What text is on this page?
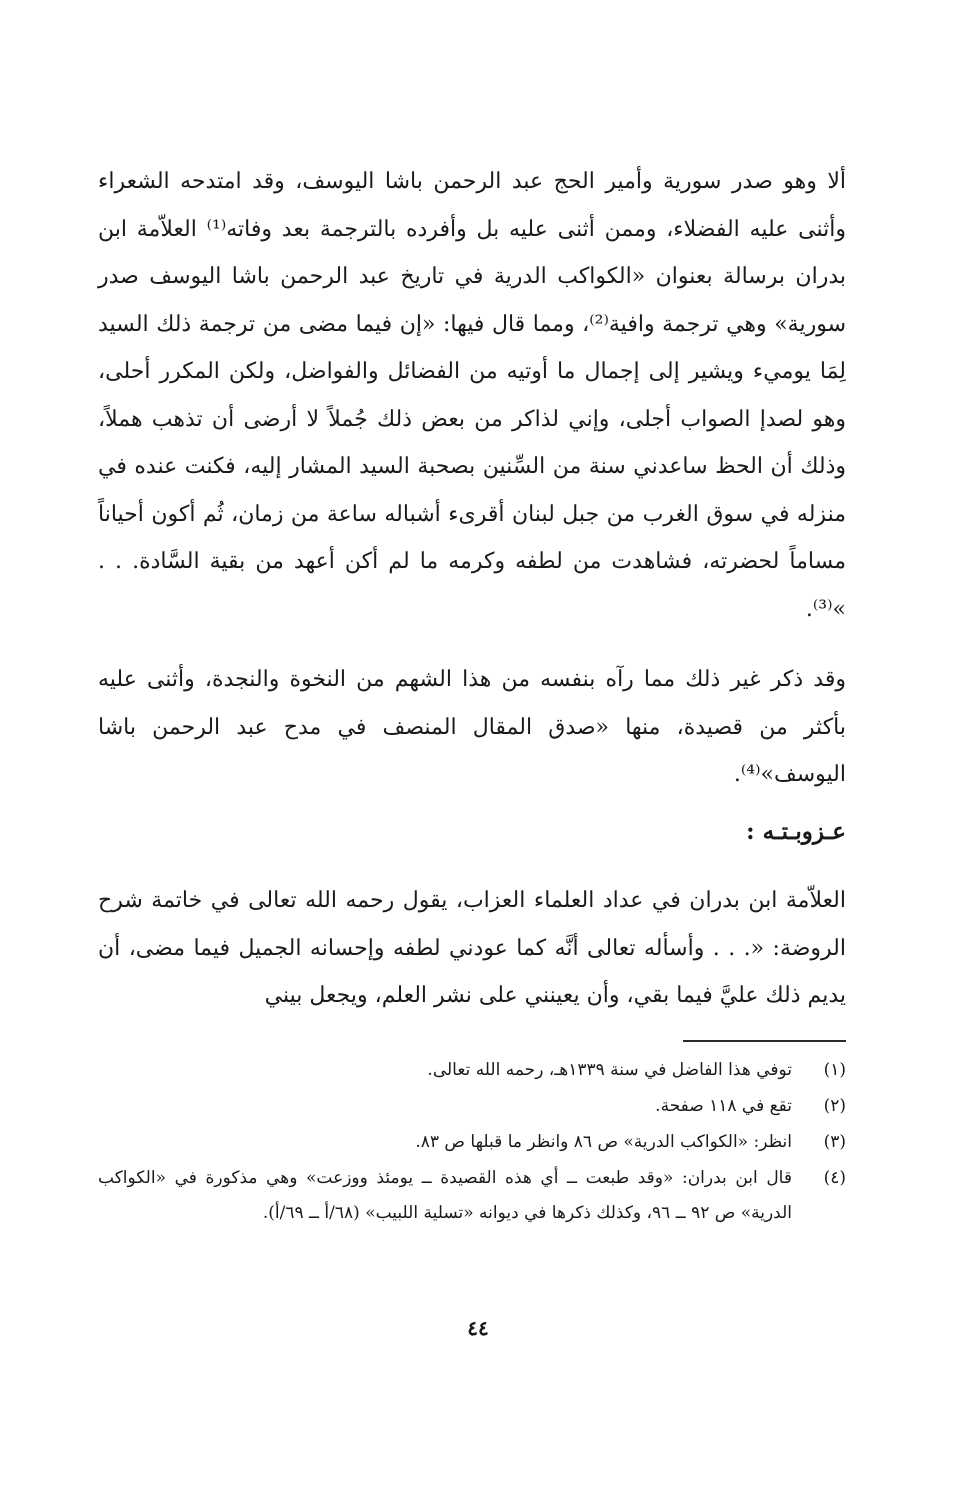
ألا وهو صدر سورية وأمير الحج عبد الرحمن باشا اليوسف، وقد امتدحه الشعراء وأثنى عليه الفضلاء، وممن أثنى عليه بل وأفرده بالترجمة بعد وفاته⁽¹⁾ العلاّمة ابن بدران برسالة بعنوان «الكواكب الدرية في تاريخ عبد الرحمن باشا اليوسف صدر سورية» وهي ترجمة وافية⁽²⁾، ومما قال فيها: «إن فيما مضى من ترجمة ذلك السيد لِمَا يوميء ويشير إلى إجمال ما أوتيه من الفضائل والفواضل، ولكن المكرر أحلى، وهو لصدإ الصواب أجلى، وإني لذاكر من بعض ذلك جُملاً لا أرضى أن تذهب هملاً، وذلك أن الحظ ساعدني سنة من السِّنين بصحبة السيد المشار إليه، فكنت عنده في منزله في سوق الغرب من جبل لبنان أقرىء أشباله ساعة من زمان، ثُم أكون أحياناً مساماً لحضرته، فشاهدت من لطفه وكرمه ما لم أكن أعهد من بقية السَّادة. . . »⁽³⁾.
وقد ذكر غير ذلك مما رآه بنفسه من هذا الشهم من النخوة والنجدة، وأثنى عليه بأكثر من قصيدة، منها «صدق المقال المنصف في مدح عبد الرحمن باشا اليوسف»⁽⁴⁾.
عـزوبـتـه :
العلاّمة ابن بدران في عداد العلماء العزاب، يقول رحمه الله تعالى في خاتمة شرح الروضة: «. . . وأسأله تعالى أنَّه كما عودني لطفه وإحسانه الجميل فيما مضى، أن يديم ذلك عليَّ فيما بقي، وأن يعينني على نشر العلم، ويجعل بيني
(١)
توفي هذا الفاضل في سنة ١٣٣٩هـ، رحمه الله تعالى.
(٢)
تقع في ١١٨ صفحة.
(٣)
انظر: «الكواكب الدرية» ص ٨٦ وانظر ما قبلها ص ٨٣.
(٤)
قال ابن بدران: «وقد طبعت ــ أي هذه القصيدة ــ يومئذ ووزعت» وهي مذكورة في «الكواكب الدرية» ص ٩٢ ــ ٩٦، وكذلك ذكرها في ديوانه «تسلية اللبيب» (٦٨/أ ــ ٦٩/أ).
٤٤
